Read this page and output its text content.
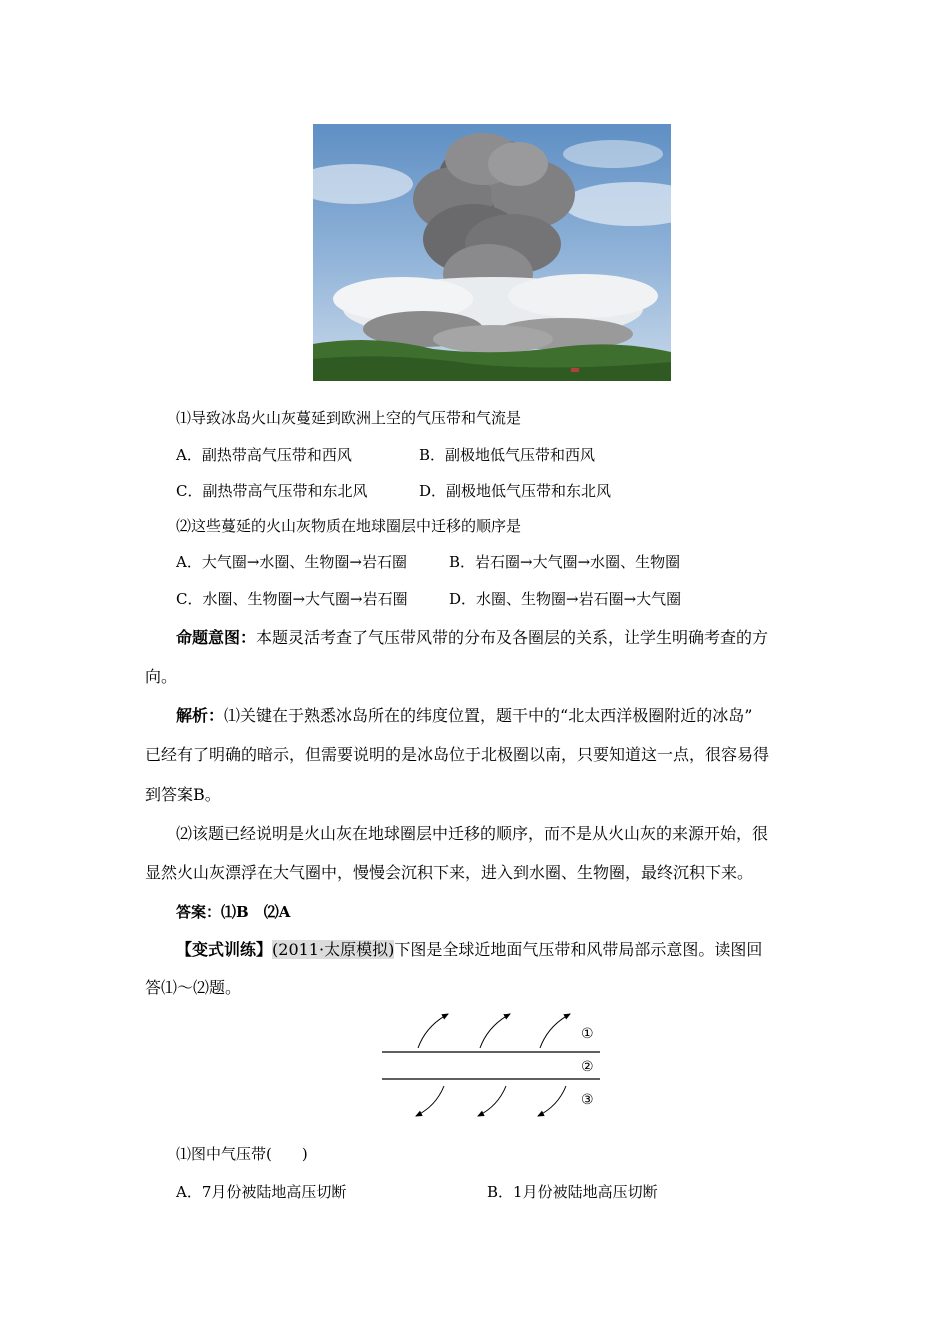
⑴导致冰岛火山灰蔓延到欧洲上空的气压带和气流是
A．副热带高气压带和西风	B．副极地低气压带和西风
C．副热带高气压带和东北风	D．副极地低气压带和东北风
⑵这些蔓延的火山灰物质在地球圈层中迁移的顺序是
A．大气圈→水圈、生物圈→岩石圈	B．岩石圈→大气圈→水圈、生物圈
C．水圈、生物圈→大气圈→岩石圈	D．水圈、生物圈→岩石圈→大气圈
命题意图：本题灵活考查了气压带风带的分布及各圈层的关系，让学生明确考查的方
向。
解析：⑴关键在于熟悉冰岛所在的纬度位置，题干中的“北太西洋极圈附近的冰岛”
已经有了明确的暗示，但需要说明的是冰岛位于北极圈以南，只要知道这一点，很容易得
到答案B。
⑵该题已经说明是火山灰在地球圈层中迁移的顺序，而不是从火山灰的来源开始，很
显然火山灰漂浮在大气圈中，慢慢会沉积下来，进入到水圈、生物圈，最终沉积下来。
答案：⑴B　⑵A
【变式训练】(2011·太原模拟)下图是全球近地面气压带和风带局部示意图。读图回
答⑴～⑵题。
①
②
③
⑴图中气压带(　　)
A．7月份被陆地高压切断	B．1月份被陆地高压切断
